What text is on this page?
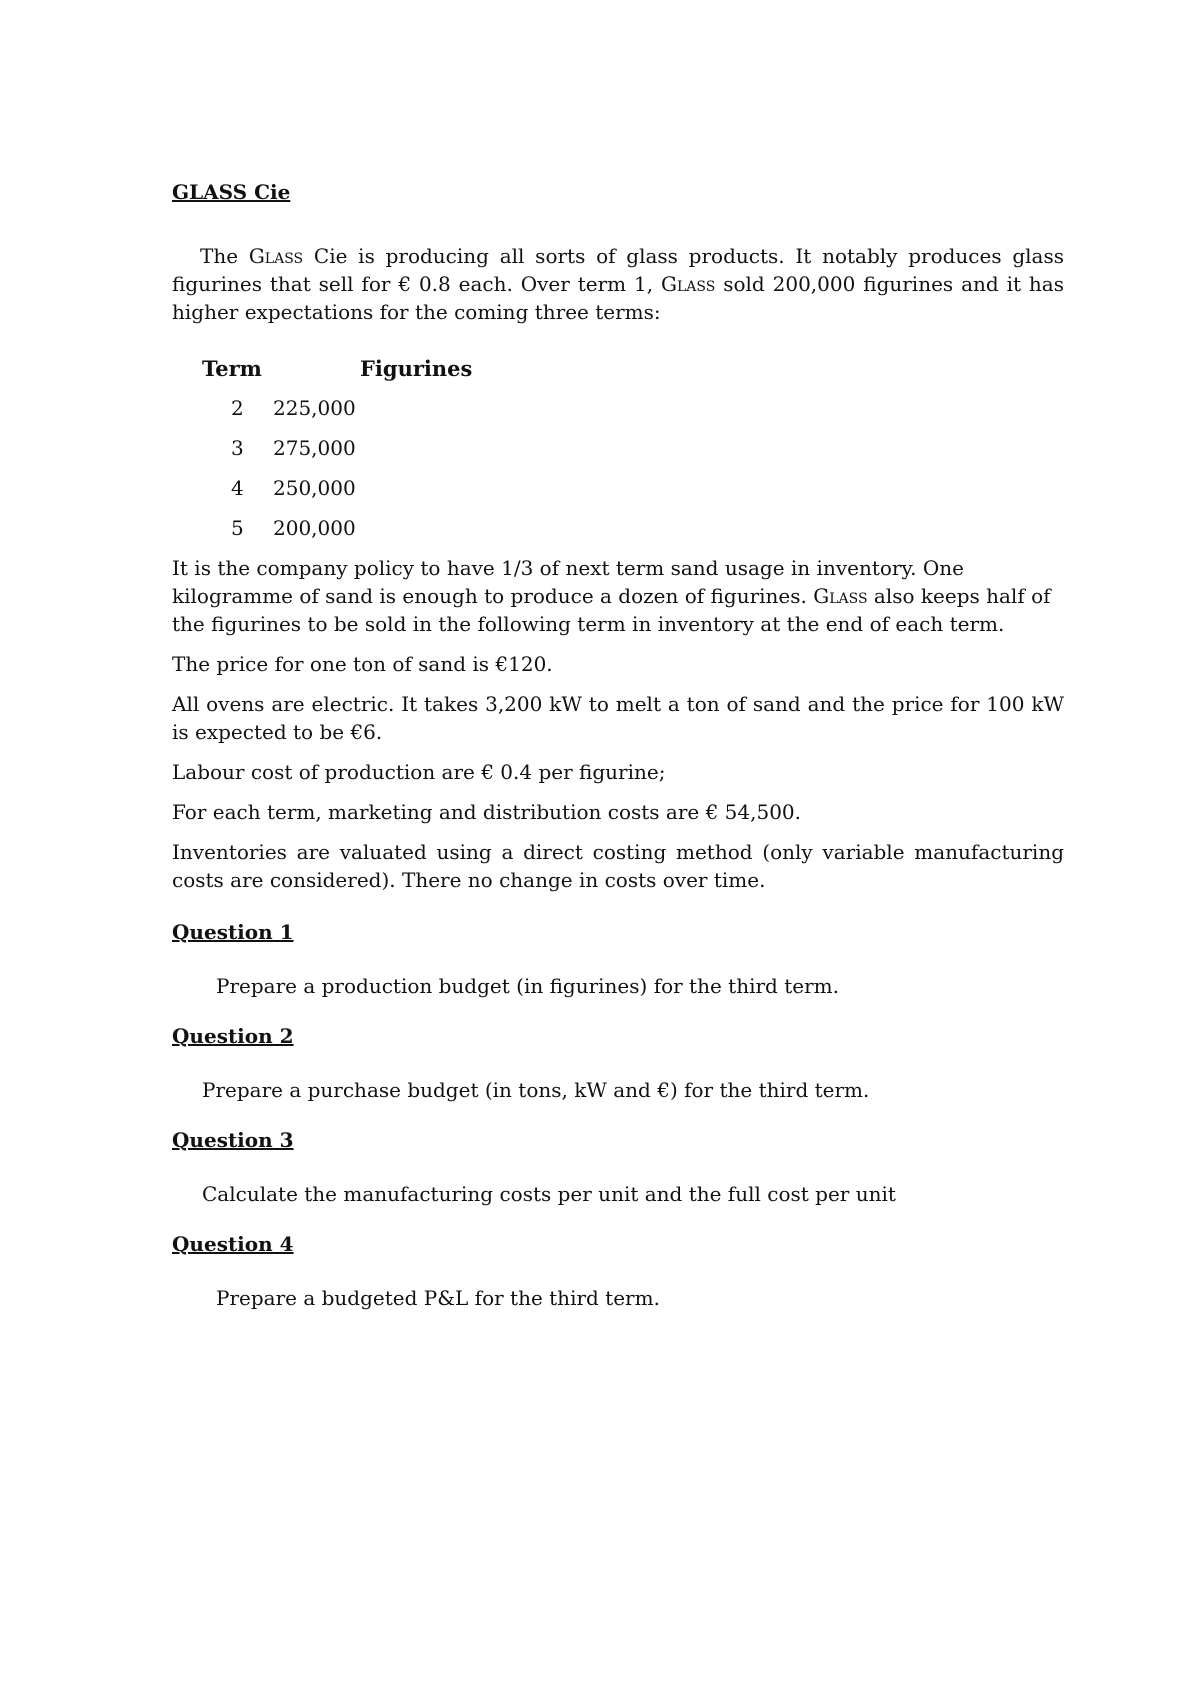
GLASS Cie

The Glass Cie is producing all sorts of glass products. It notably produces glass figurines that sell for € 0.8 each. Over term 1, Glass sold 200,000 figurines and it has higher expectations for the coming three terms:

Term	Figurines
2 225,000
3 275,000
4 250,000
5 200,000

It is the company policy to have 1/3 of next term sand usage in inventory. One kilogramme of sand is enough to produce a dozen of figurines. Glass also keeps half of the figurines to be sold in the following term in inventory at the end of each term.

The price for one ton of sand is €120.

All ovens are electric. It takes 3,200 kW to melt a ton of sand and the price for 100 kW is expected to be €6.

Labour cost of production are € 0.4 per figurine;

For each term, marketing and distribution costs are € 54,500.

Inventories are valuated using a direct costing method (only variable manufacturing costs are considered). There no change in costs over time.

Question 1
Prepare a production budget (in figurines) for the third term.
Question 2
Prepare a purchase budget (in tons, kW and €) for the third term.
Question 3
Calculate the manufacturing costs per unit and the full cost per unit
Question 4
Prepare a budgeted P&L for the third term.
